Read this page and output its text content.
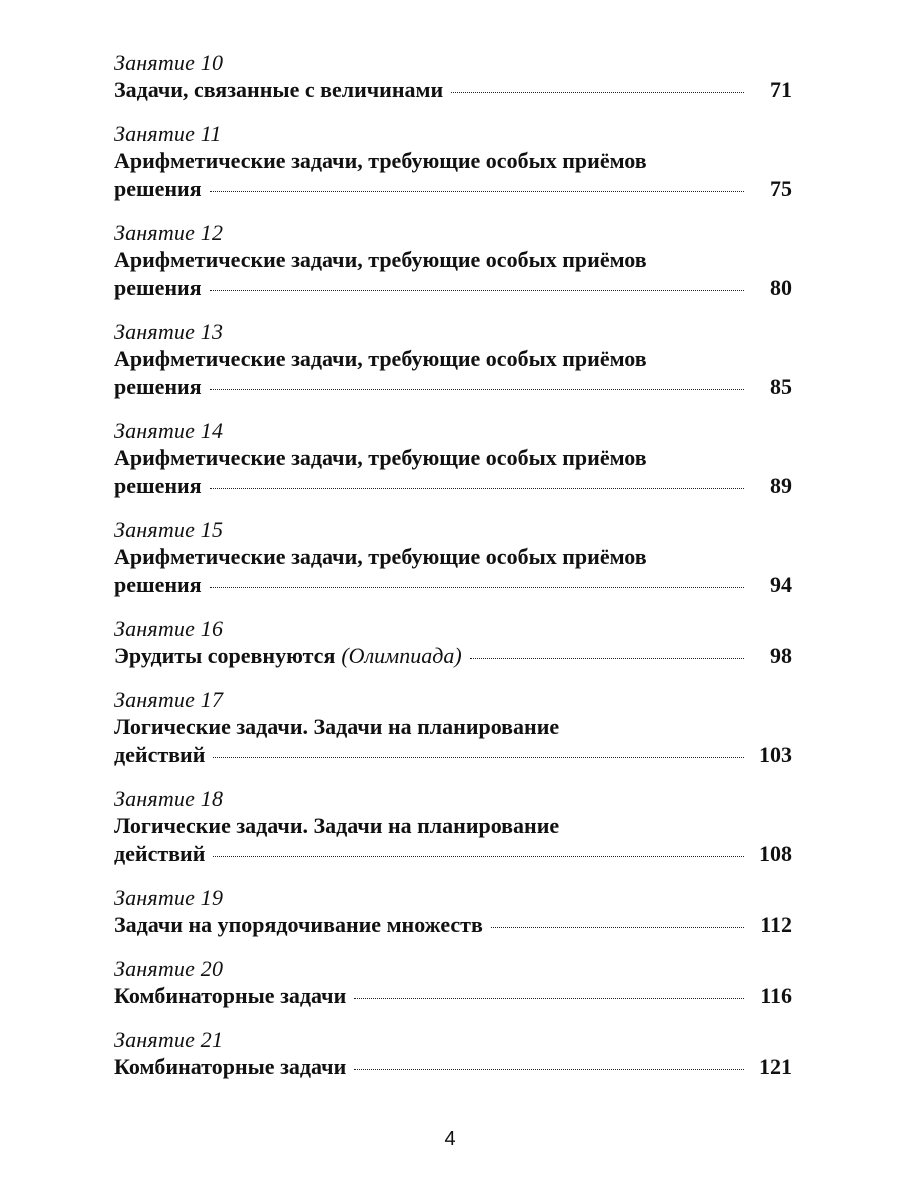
Занятие 10
Задачи, связанные с величинами	71
Занятие 11
Арифметические задачи, требующие особых приёмов
решения	75
Занятие 12
Арифметические задачи, требующие особых приёмов
решения	80
Занятие 13
Арифметические задачи, требующие особых приёмов
решения	85
Занятие 14
Арифметические задачи, требующие особых приёмов
решения	89
Занятие 15
Арифметические задачи, требующие особых приёмов
решения	94
Занятие 16
Эрудиты соревнуются (Олимпиада)	98
Занятие 17
Логические задачи. Задачи на планирование
действий	103
Занятие 18
Логические задачи. Задачи на планирование
действий	108
Занятие 19
Задачи на упорядочивание множеств	112
Занятие 20
Комбинаторные задачи	116
Занятие 21
Комбинаторные задачи	121
4
